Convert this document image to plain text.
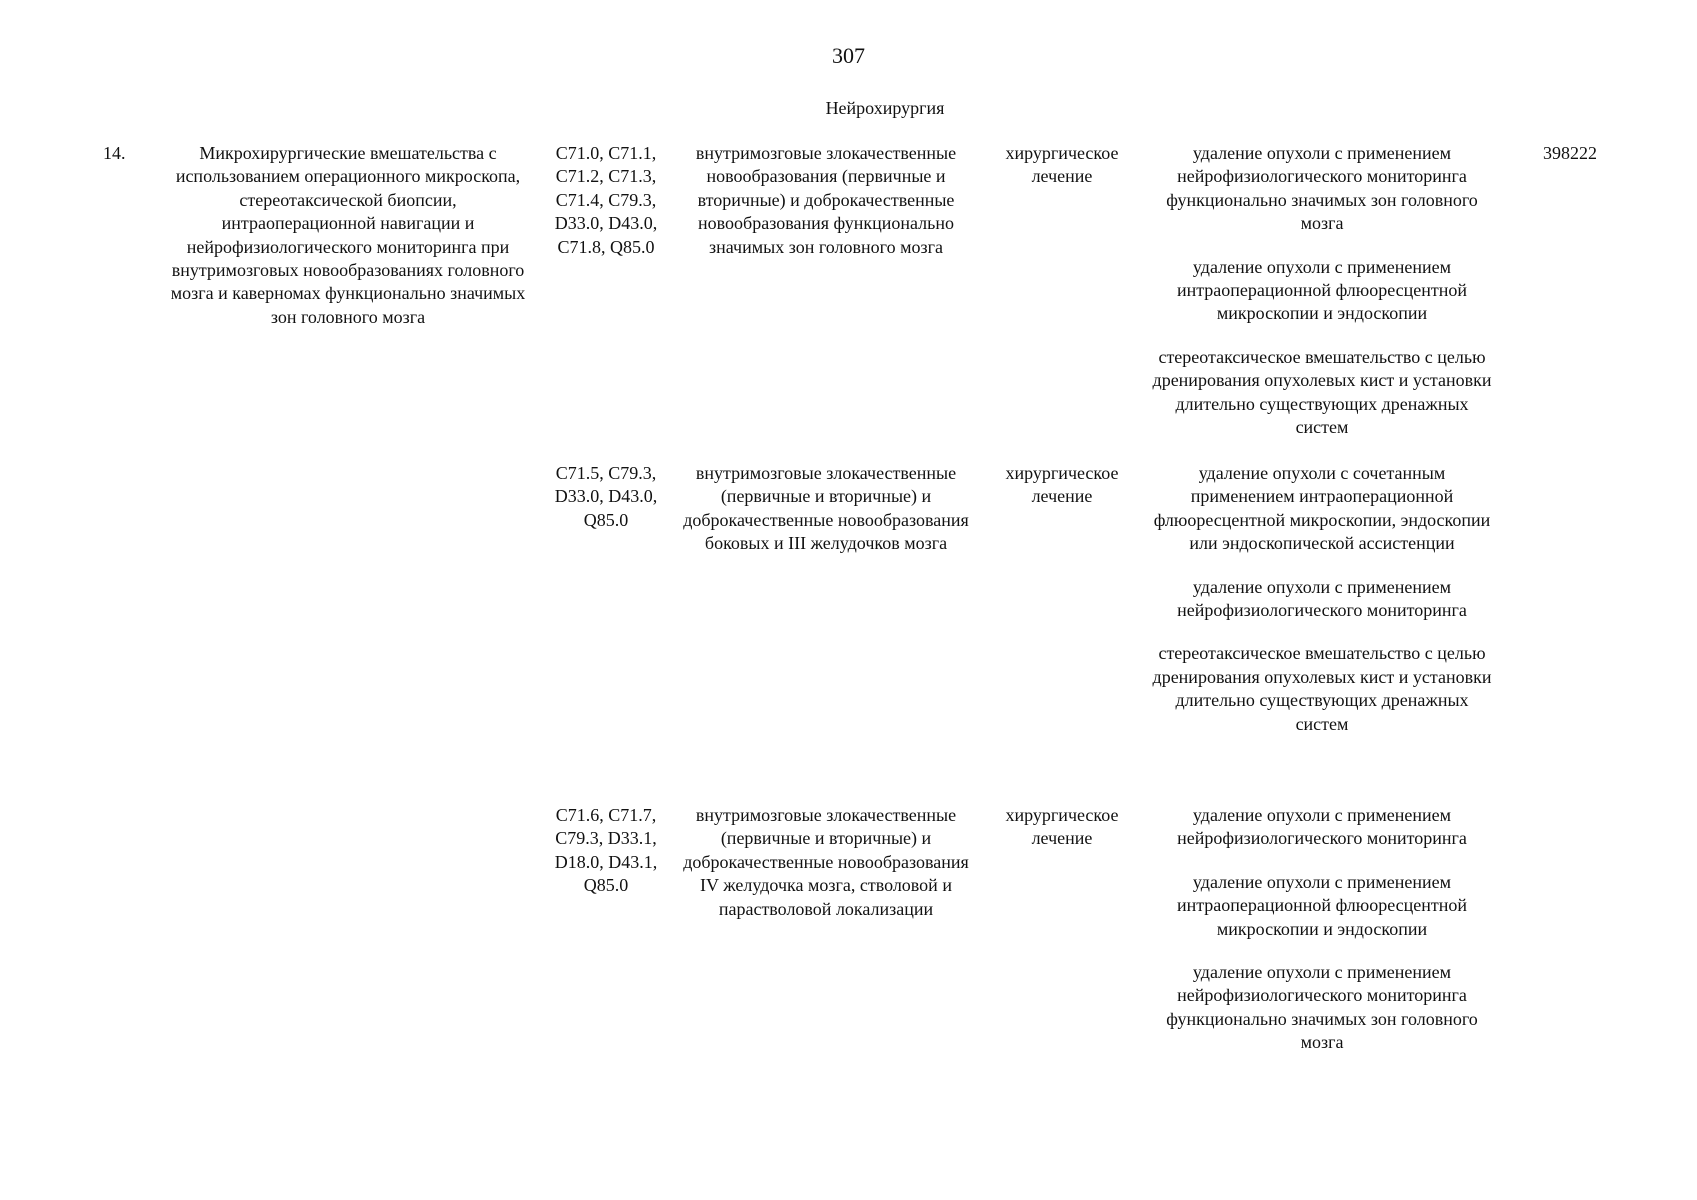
307
Нейрохирургия
14.	Микрохирургические вмешательства с использованием операционного микроскопа, стереотаксической биопсии, интраоперационной навигации и нейрофизиологического мониторинга при внутримозговых новообразованиях головного мозга и каверномах функционально значимых зон головного мозга
398222
C71.0, C71.1, C71.2, C71.3, C71.4, C79.3, D33.0, D43.0, C71.8, Q85.0
внутримозговые злокачественные новообразования (первичные и вторичные) и доброкачественные новообразования функционально значимых зон головного мозга
хирургическое лечение

удаление опухоли с применением нейрофизиологического мониторинга функционально значимых зон головного мозга

удаление опухоли с применением интраоперационной флюоресцентной микроскопии и эндоскопии

стереотаксическое вмешательство с целью дренирования опухолевых кист и установки длительно существующих дренажных систем

C71.5, C79.3, D33.0, D43.0, Q85.0
внутримозговые злокачественные (первичные и вторичные) и доброкачественные новообразования боковых и III желудочков мозга
хирургическое лечение

удаление опухоли с сочетанным применением интраоперационной флюоресцентной микроскопии, эндоскопии или эндоскопической ассистенции

удаление опухоли с применением нейрофизиологического мониторинга

стереотаксическое вмешательство с целью дренирования опухолевых кист и установки длительно существующих дренажных систем

C71.6, C71.7, C79.3, D33.1, D18.0, D43.1, Q85.0
внутримозговые злокачественные (первичные и вторичные) и доброкачественные новообразования IV желудочка мозга, стволовой и парастволовой локализации
хирургическое лечение

удаление опухоли с применением нейрофизиологического мониторинга

удаление опухоли с применением интраоперационной флюоресцентной микроскопии и эндоскопии

удаление опухоли с применением нейрофизиологического мониторинга функционально значимых зон головного мозга
